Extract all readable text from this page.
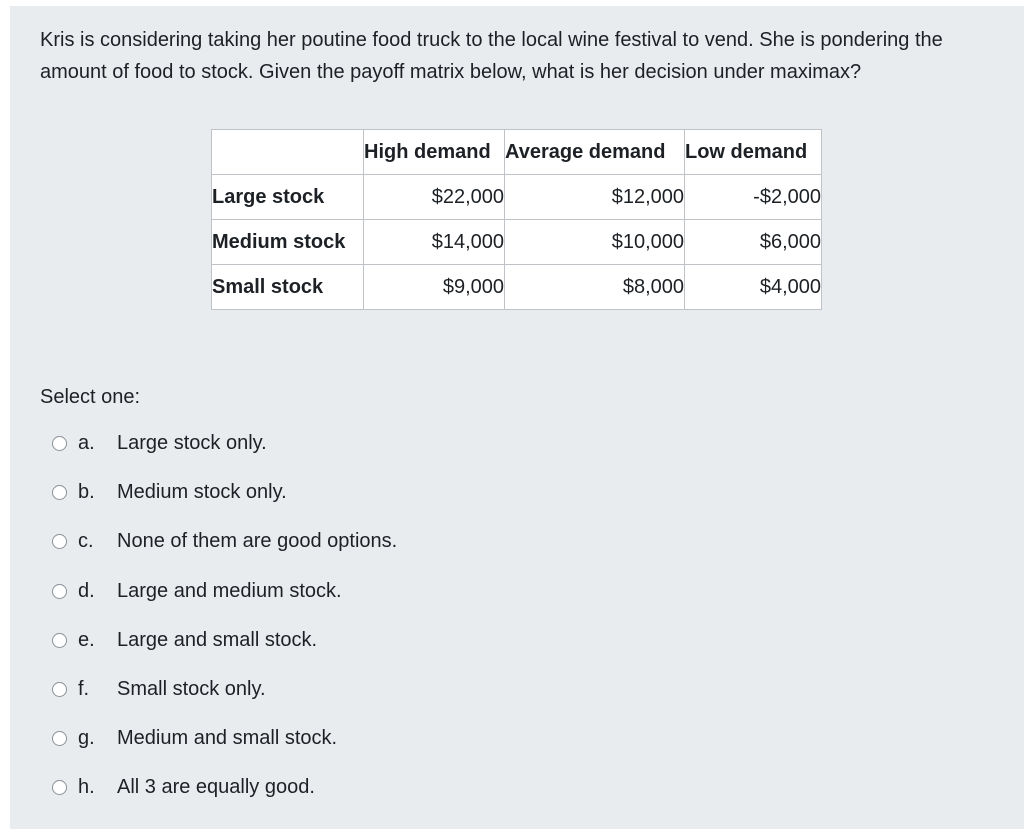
Kris is considering taking her poutine food truck to the local wine festival to vend. She is pondering the amount of food to stock. Given the payoff matrix below, what is her decision under maximax?
	High demand	Average demand	Low demand
Large stock	$22,000	$12,000	-$2,000
Medium stock	$14,000	$10,000	$6,000
Small stock	$9,000	$8,000	$4,000
Select one:
a.	Large stock only.
b.	Medium stock only.
c.	None of them are good options.
d.	Large and medium stock.
e.	Large and small stock.
f.	Small stock only.
g.	Medium and small stock.
h.	All 3 are equally good.
